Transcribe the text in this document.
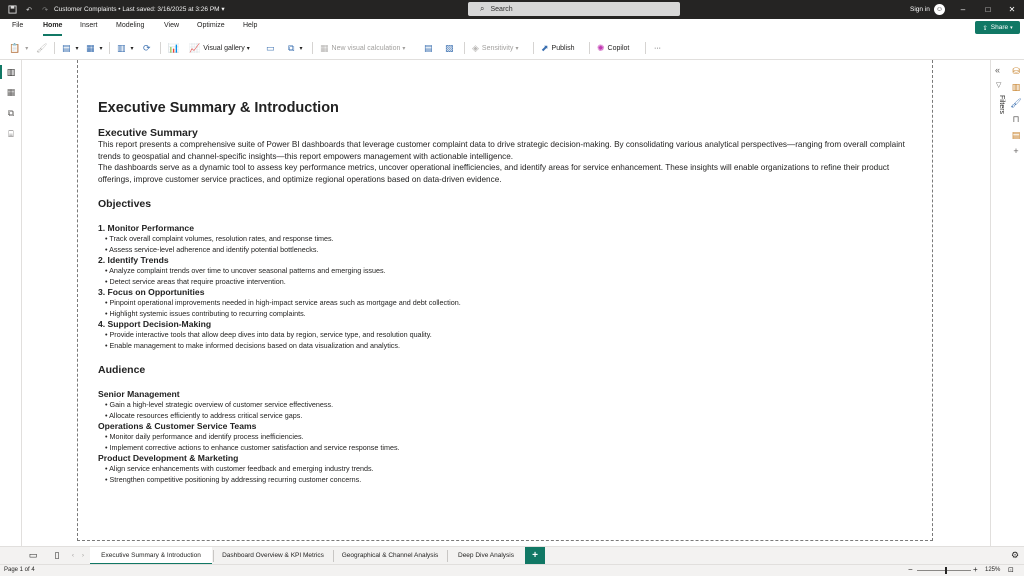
↶	↷ Customer Complaints • Last saved: 3/16/2025 at 3:26 PM ▾	⌕ Search	Sign in ☺	–	□	✕
File	Home	Insert	Modeling	View	Optimize	Help	⇪ Share ▾
📋 ▾ 🖌 ▤ ▾ ▦ ▾ ▥ ▾ ⟳ 📊 📈 Visual gallery ▾ ▭ ⧉ ▾ ▦ New visual calculation ▾ ▤ ▧ ◈ Sensitivity ▾	⬈ Publish ✺ Copilot	···
▥
▦
⧉
⌸
Executive Summary & Introduction
Executive Summary
This report presents a comprehensive suite of Power BI dashboards that leverage customer complaint data to drive strategic decision-making. By consolidating various analytical perspectives—ranging from overall complaint trends to geospatial and channel-specific insights—this report empowers management with actionable intelligence.
The dashboards serve as a dynamic tool to assess key performance metrics, uncover operational inefficiencies, and identify areas for service enhancement. These insights will enable organizations to refine their product offerings, improve customer service practices, and optimize regional operations based on data-driven evidence.
Objectives
1. Monitor Performance
• Track overall complaint volumes, resolution rates, and response times.
• Assess service-level adherence and identify potential bottlenecks.
2. Identify Trends
• Analyze complaint trends over time to uncover seasonal patterns and emerging issues.
• Detect service areas that require proactive intervention.
3. Focus on Opportunities
• Pinpoint operational improvements needed in high-impact service areas such as mortgage and debt collection.
• Highlight systemic issues contributing to recurring complaints.
4. Support Decision-Making
• Provide interactive tools that allow deep dives into data by region, service type, and resolution quality.
• Enable management to make informed decisions based on data visualization and analytics.
Audience
Senior Management
• Gain a high-level strategic overview of customer service effectiveness.
• Allocate resources efficiently to address critical service gaps.
Operations & Customer Service Teams
• Monitor daily performance and identify process inefficiencies.
• Implement corrective actions to enhance customer satisfaction and service response times.
Product Development & Marketing
• Align service enhancements with customer feedback and emerging industry trends.
• Strengthen competitive positioning by addressing recurring customer concerns.
«
▽
Filters
⛁
▥
🖌
⊓
▤
+
▭	▯	‹	›	Executive Summary & Introduction	Dashboard Overview & KPI Metrics	Geographical & Channel Analysis	Deep Dive Analysis	+	⚙
Page 1 of 4	−	+ 125% ⊡
